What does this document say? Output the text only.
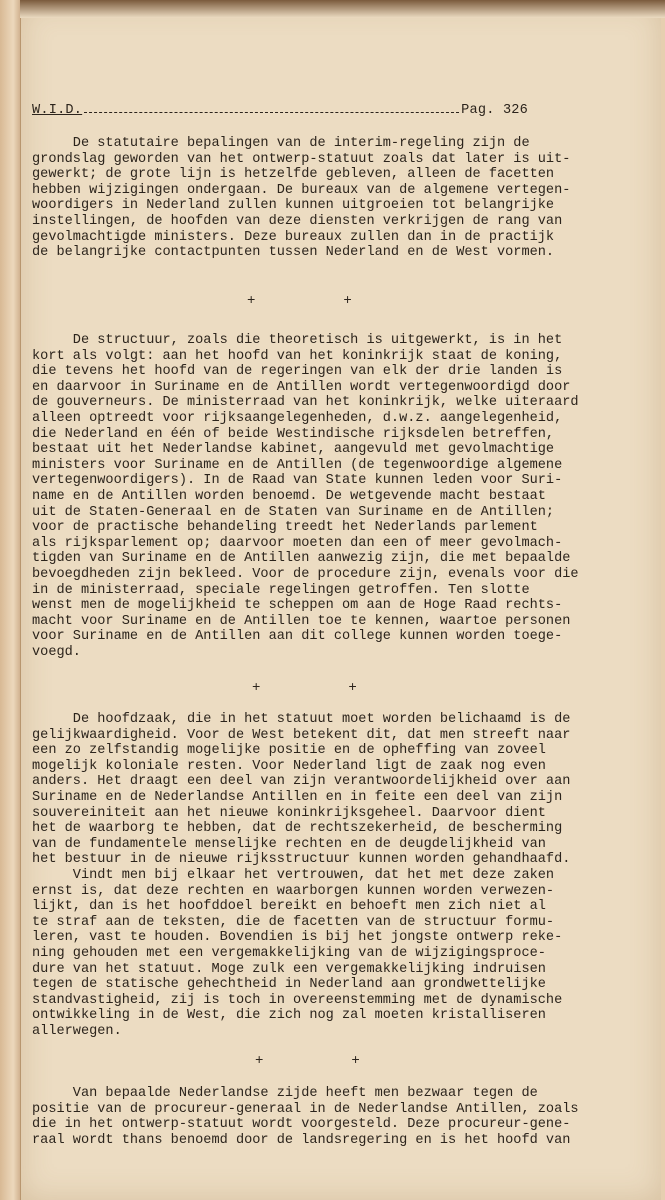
W.I.D.	Pag. 326

De statutaire bepalingen van de interim-regeling zijn de

grondslag geworden van het ontwerp-statuut zoals dat later is uit-

gewerkt; de grote lijn is hetzelfde gebleven, alleen de facetten

hebben wijzigingen ondergaan. De bureaux van de algemene vertegen-

woordigers in Nederland zullen kunnen uitgroeien tot belangrijke

instellingen, de hoofden van deze diensten verkrijgen de rang van

gevolmachtigde ministers. Deze bureaux zullen dan in de practijk

de belangrijke contactpunten tussen Nederland en de West vormen.

+	+

De structuur, zoals die theoretisch is uitgewerkt, is in het

kort als volgt: aan het hoofd van het koninkrijk staat de koning,

die tevens het hoofd van de regeringen van elk der drie landen is

en daarvoor in Suriname en de Antillen wordt vertegenwoordigd door

de gouverneurs. De ministerraad van het koninkrijk, welke uiteraard

alleen optreedt voor rijksaangelegenheden, d.w.z. aangelegenheid,

die Nederland en één of beide Westindische rijksdelen betreffen,

bestaat uit het Nederlandse kabinet, aangevuld met gevolmachtige

ministers voor Suriname en de Antillen (de tegenwoordige algemene

vertegenwoordigers). In de Raad van State kunnen leden voor Suri-

name en de Antillen worden benoemd. De wetgevende macht bestaat

uit de Staten-Generaal en de Staten van Suriname en de Antillen;

voor de practische behandeling treedt het Nederlands parlement

als rijksparlement op; daarvoor moeten dan een of meer gevolmach-

tigden van Suriname en de Antillen aanwezig zijn, die met bepaalde

bevoegdheden zijn bekleed. Voor de procedure zijn, evenals voor die

in de ministerraad, speciale regelingen getroffen. Ten slotte

wenst men de mogelijkheid te scheppen om aan de Hoge Raad rechts-

macht voor Suriname en de Antillen toe te kennen, waartoe personen

voor Suriname en de Antillen aan dit college kunnen worden toege-

voegd.

+	+

De hoofdzaak, die in het statuut moet worden belichaamd is de

gelijkwaardigheid. Voor de West betekent dit, dat men streeft naar

een zo zelfstandig mogelijke positie en de opheffing van zoveel

mogelijk koloniale resten. Voor Nederland ligt de zaak nog even

anders. Het draagt een deel van zijn verantwoordelijkheid over aan

Suriname en de Nederlandse Antillen en in feite een deel van zijn

souvereiniteit aan het nieuwe koninkrijksgeheel. Daarvoor dient

het de waarborg te hebben, dat de rechtszekerheid, de bescherming

van de fundamentele menselijke rechten en de deugdelijkheid van

het bestuur in de nieuwe rijksstructuur kunnen worden gehandhaafd.

Vindt men bij elkaar het vertrouwen, dat het met deze zaken

ernst is, dat deze rechten en waarborgen kunnen worden verwezen-

lijkt, dan is het hoofddoel bereikt en behoeft men zich niet al

te straf aan de teksten, die de facetten van de structuur formu-

leren, vast te houden. Bovendien is bij het jongste ontwerp reke-

ning gehouden met een vergemakkelijking van de wijzigingsproce-

dure van het statuut. Moge zulk een vergemakkelijking indruisen

tegen de statische gehechtheid in Nederland aan grondwettelijke

standvastigheid, zij is toch in overeenstemming met de dynamische

ontwikkeling in de West, die zich nog zal moeten kristalliseren

allerwegen.

+	+

Van bepaalde Nederlandse zijde heeft men bezwaar tegen de

positie van de procureur-generaal in de Nederlandse Antillen, zoals

die in het ontwerp-statuut wordt voorgesteld. Deze procureur-gene-

raal wordt thans benoemd door de landsregering en is het hoofd van
